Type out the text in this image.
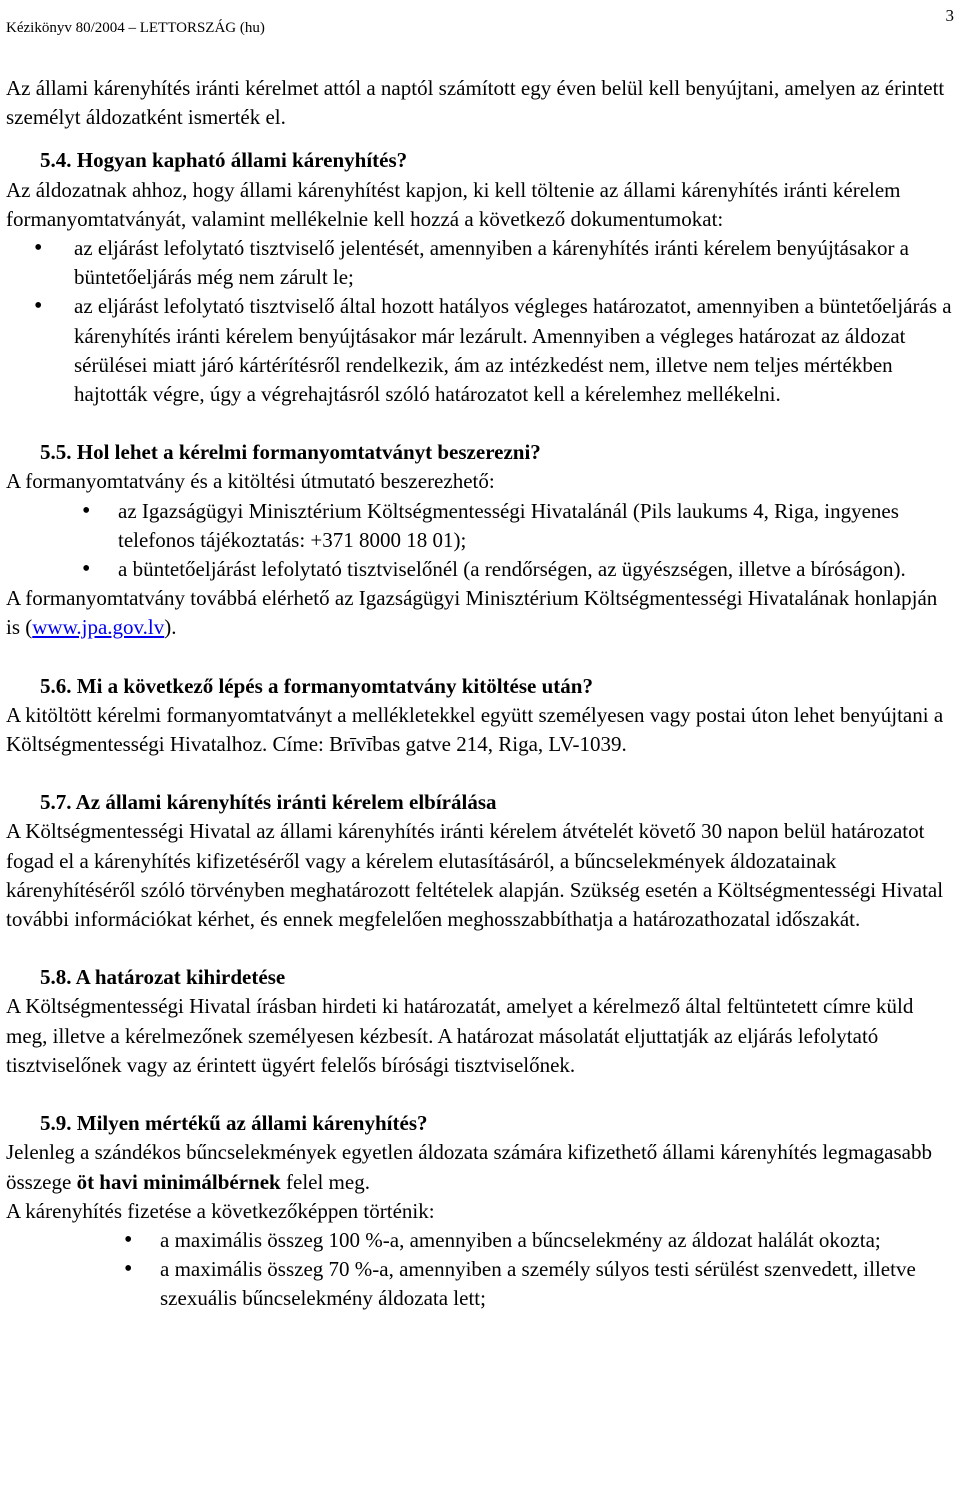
Kézikönyv 80/2004 – LETTORSZÁG (hu)
3

Az állami kárenyhítés iránti kérelmet attól a naptól számított egy éven belül kell benyújtani, amelyen az érintett személyt áldozatként ismerték el.

5.4. Hogyan kapható állami kárenyhítés?

Az áldozatnak ahhoz, hogy állami kárenyhítést kapjon, ki kell töltenie az állami kárenyhítés iránti kérelem formanyomtatványát, valamint mellékelnie kell hozzá a következő dokumentumokat:

• az eljárást lefolytató tisztviselő jelentését, amennyiben a kárenyhítés iránti kérelem benyújtásakor a büntetőeljárás még nem zárult le;
• az eljárást lefolytató tisztviselő által hozott hatályos végleges határozatot, amennyiben a büntetőeljárás a kárenyhítés iránti kérelem benyújtásakor már lezárult. Amennyiben a végleges határozat az áldozat sérülései miatt járó kártérítésről rendelkezik, ám az intézkedést nem, illetve nem teljes mértékben hajtották végre, úgy a végrehajtásról szóló határozatot kell a kérelemhez mellékelni.
5.5. Hol lehet a kérelmi formanyomtatványt beszerezni?

A formanyomtatvány és a kitöltési útmutató beszerezhető:

• az Igazságügyi Minisztérium Költségmentességi Hivatalánál (Pils laukums 4, Riga, ingyenes telefonos tájékoztatás: +371 8000 18 01);
• a büntetőeljárást lefolytató tisztviselőnél (a rendőrségen, az ügyészségen, illetve a bíróságon).

A formanyomtatvány továbbá elérhető az Igazságügyi Minisztérium Költségmentességi Hivatalának honlapján is (www.jpa.gov.lv).

5.6. Mi a következő lépés a formanyomtatvány kitöltése után?

A kitöltött kérelmi formanyomtatványt a mellékletekkel együtt személyesen vagy postai úton lehet benyújtani a Költségmentességi Hivatalhoz. Címe: Brīvības gatve 214, Riga, LV-1039.

5.7. Az állami kárenyhítés iránti kérelem elbírálása

A Költségmentességi Hivatal az állami kárenyhítés iránti kérelem átvételét követő 30 napon belül határozatot fogad el a kárenyhítés kifizetéséről vagy a kérelem elutasításáról, a bűncselekmények áldozatainak kárenyhítéséről szóló törvényben meghatározott feltételek alapján. Szükség esetén a Költségmentességi Hivatal további információkat kérhet, és ennek megfelelően meghosszabbíthatja a határozathozatal időszakát.

5.8. A határozat kihirdetése

A Költségmentességi Hivatal írásban hirdeti ki határozatát, amelyet a kérelmező által feltüntetett címre küld meg, illetve a kérelmezőnek személyesen kézbesít. A határozat másolatát eljuttatják az eljárás lefolytató tisztviselőnek vagy az érintett ügyért felelős bírósági tisztviselőnek.

5.9. Milyen mértékű az állami kárenyhítés?

Jelenleg a szándékos bűncselekmények egyetlen áldozata számára kifizethető állami kárenyhítés legmagasabb összege öt havi minimálbérnek felel meg.

A kárenyhítés fizetése a következőképpen történik:

• a maximális összeg 100 %-a, amennyiben a bűncselekmény az áldozat halálát okozta;
• a maximális összeg 70 %-a, amennyiben a személy súlyos testi sérülést szenvedett, illetve szexuális bűncselekmény áldozata lett;
